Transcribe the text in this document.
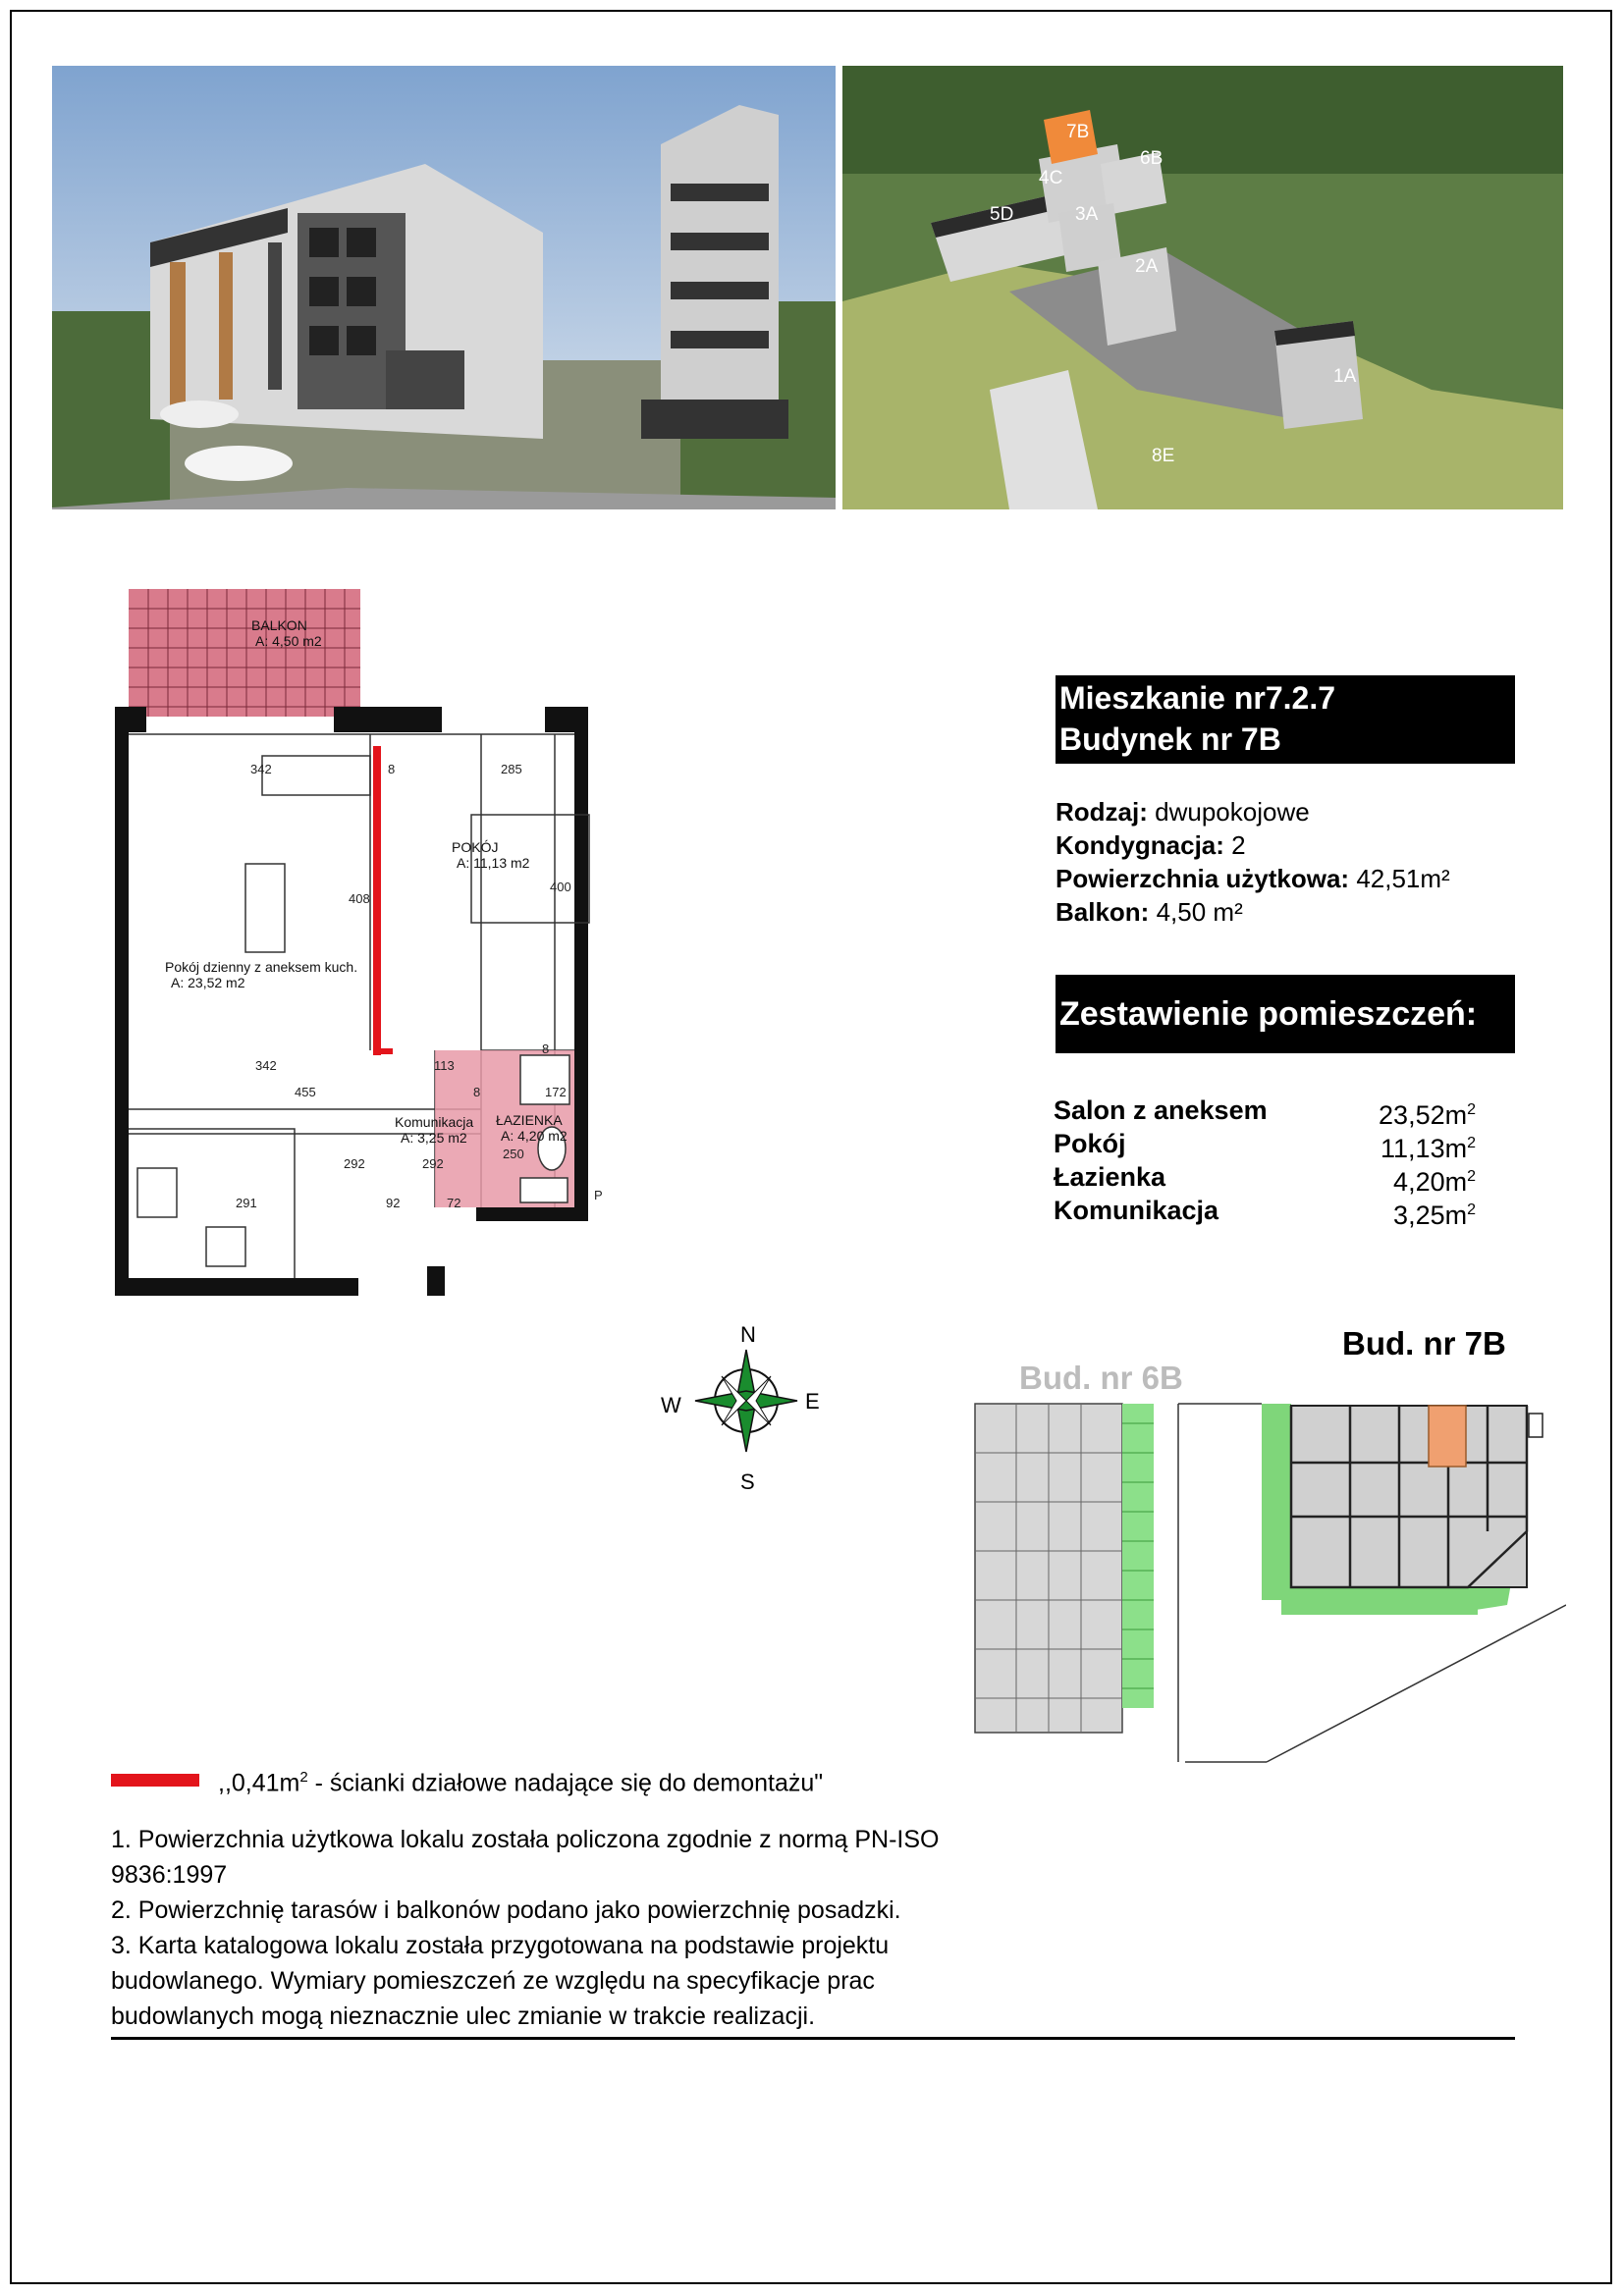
7B
4C
6B
5D	3A
2A
1A
8E
BALKON
A: 4,50 m2
POKÓJ
A: 11,13 m2
Pokój dzienny z aneksem kuch.
A: 23,52 m2
Komunikacja
A: 3,25 m2
ŁAZIENKA
A: 4,20 m2
342	8	285
408
400
342	113
455	8	172
292	292
250
291	92	72
8
P
Mieszkanie nr7.2.7
Budynek nr 7B
Rodzaj: dwupokojowe
Kondygnacja: 2
Powierzchnia użytkowa: 42,51m²
Balkon: 4,50 m²
Zestawienie pomieszczeń:
Salon z aneksem	$23,52m^2$
Pokój	$11,13m^2$
Łazienka	$4,20m^2$
Komunikacja	$3,25m^2$
N
S
E
W
Bud. nr 6B
Bud. nr 7B
$,,0,41m^2$ - ścianki działowe nadające się do demontażu"

1. Powierzchnia użytkowa lokalu została policzona zgodnie z normą PN-ISO 9836:1997

2. Powierzchnię tarasów i balkonów podano jako powierzchnię posadzki.

3. Karta katalogowa lokalu została przygotowana na podstawie projektu budowlanego. Wymiary pomieszczeń ze względu na specyfikacje prac budowlanych mogą nieznacznie ulec zmianie w trakcie realizacji.
